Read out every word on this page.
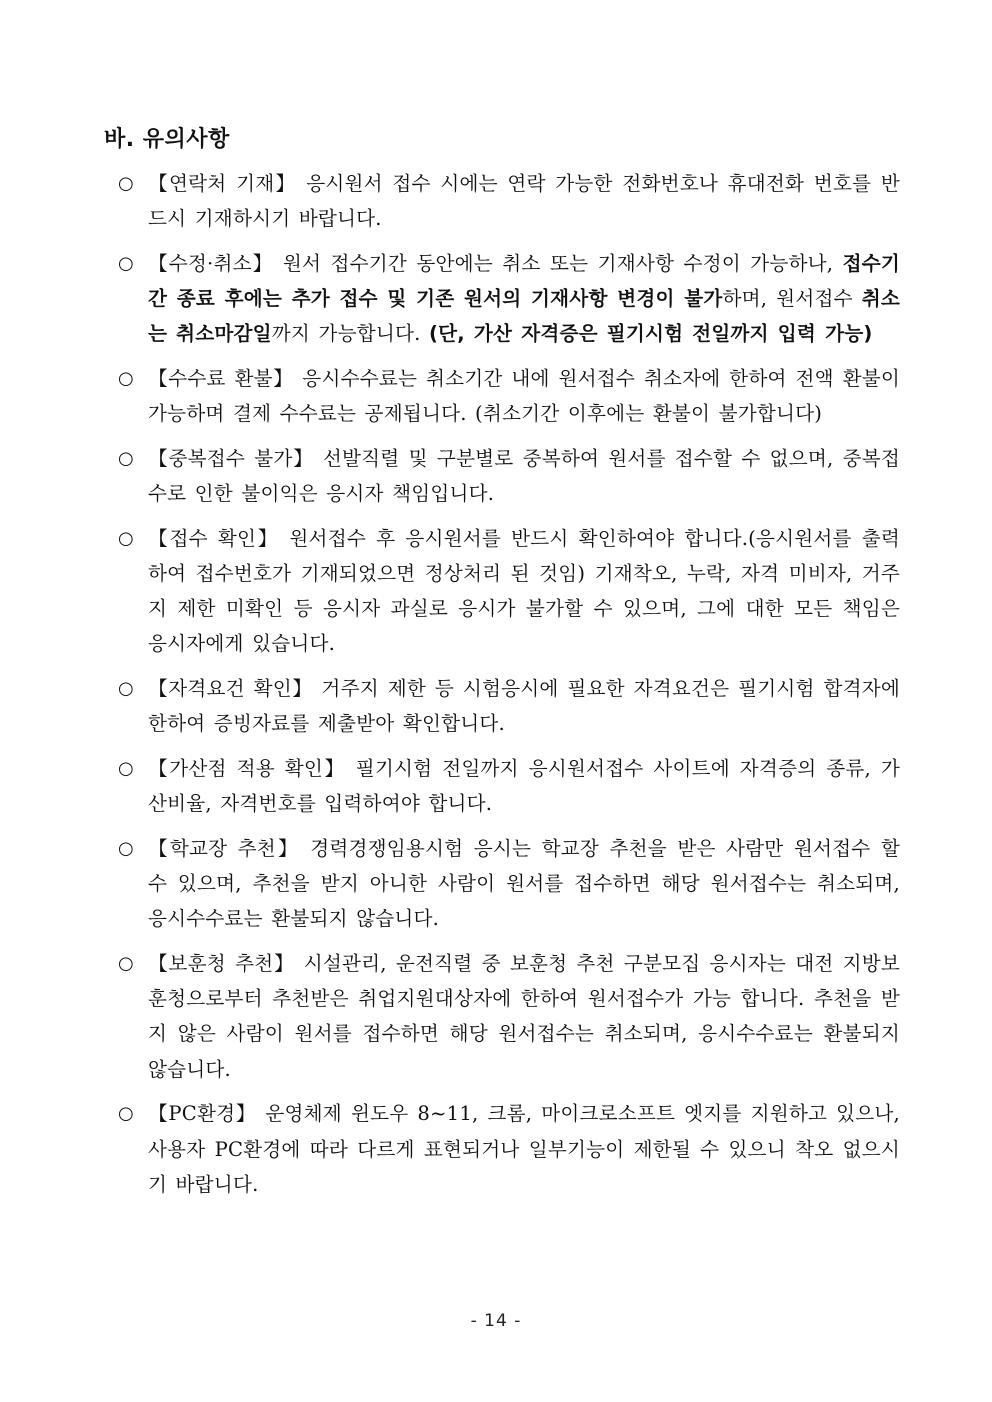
바. 유의사항
○ 【연락처 기재】 응시원서 접수 시에는 연락 가능한 전화번호나 휴대전화 번호를 반드시 기재하시기 바랍니다.
○ 【수정·취소】 원서 접수기간 동안에는 취소 또는 기재사항 수정이 가능하나, 접수기간 종료 후에는 추가 접수 및 기존 원서의 기재사항 변경이 불가하며, 원서접수 취소는 취소마감일까지 가능합니다. (단, 가산 자격증은 필기시험 전일까지 입력 가능)
○ 【수수료 환불】 응시수수료는 취소기간 내에 원서접수 취소자에 한하여 전액 환불이 가능하며 결제 수수료는 공제됩니다. (취소기간 이후에는 환불이 불가합니다)
○ 【중복접수 불가】 선발직렬 및 구분별로 중복하여 원서를 접수할 수 없으며, 중복접수로 인한 불이익은 응시자 책임입니다.
○ 【접수 확인】 원서접수 후 응시원서를 반드시 확인하여야 합니다.(응시원서를 출력하여 접수번호가 기재되었으면 정상처리 된 것임) 기재착오, 누락, 자격 미비자, 거주지 제한 미확인 등 응시자 과실로 응시가 불가할 수 있으며, 그에 대한 모든 책임은 응시자에게 있습니다.
○ 【자격요건 확인】 거주지 제한 등 시험응시에 필요한 자격요건은 필기시험 합격자에 한하여 증빙자료를 제출받아 확인합니다.
○ 【가산점 적용 확인】 필기시험 전일까지 응시원서접수 사이트에 자격증의 종류, 가산비율, 자격번호를 입력하여야 합니다.
○ 【학교장 추천】 경력경쟁임용시험 응시는 학교장 추천을 받은 사람만 원서접수 할 수 있으며, 추천을 받지 아니한 사람이 원서를 접수하면 해당 원서접수는 취소되며, 응시수수료는 환불되지 않습니다.
○ 【보훈청 추천】 시설관리, 운전직렬 중 보훈청 추천 구분모집 응시자는 대전 지방보훈청으로부터 추천받은 취업지원대상자에 한하여 원서접수가 가능 합니다. 추천을 받지 않은 사람이 원서를 접수하면 해당 원서접수는 취소되며, 응시수수료는 환불되지 않습니다.
○ 【PC환경】 운영체제 윈도우 8~11, 크롬, 마이크로소프트 엣지를 지원하고 있으나, 사용자 PC환경에 따라 다르게 표현되거나 일부기능이 제한될 수 있으니 착오 없으시기 바랍니다.
- 14 -
